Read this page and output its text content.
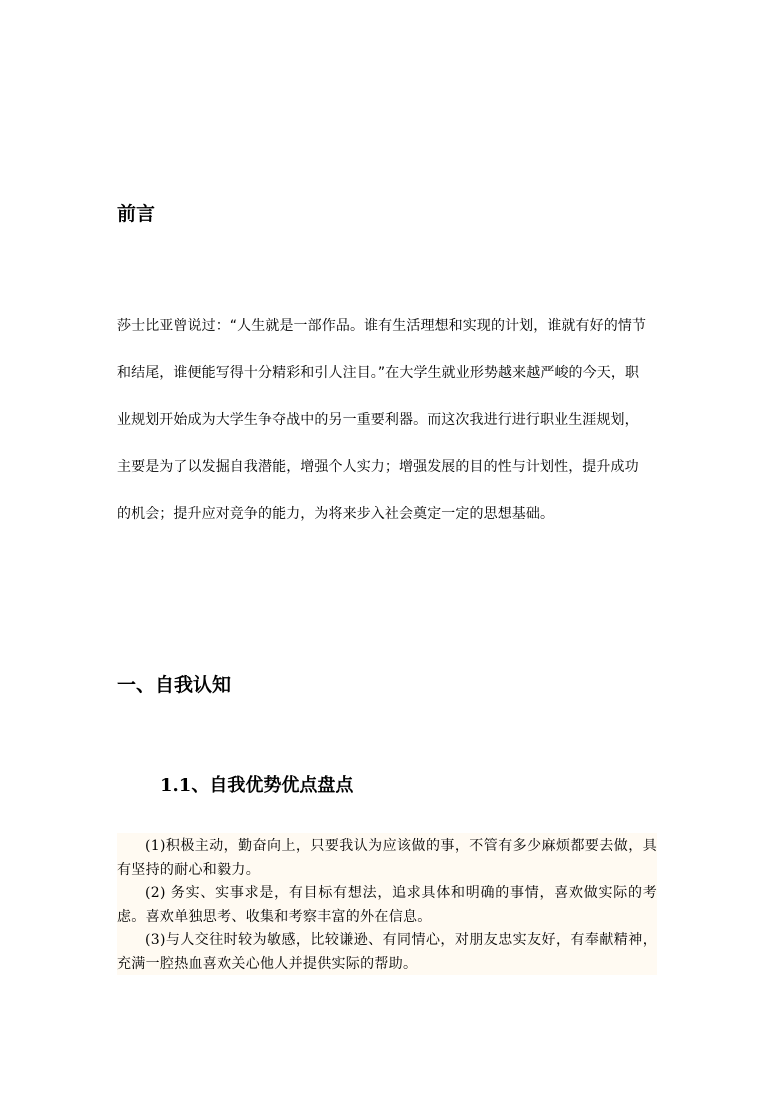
前言
莎士比亚曾说过：“人生就是一部作品。谁有生活理想和实现的计划，谁就有好的情节
和结尾，谁便能写得十分精彩和引人注目。”在大学生就业形势越来越严峻的今天，职
业规划开始成为大学生争夺战中的另一重要利器。而这次我进行进行职业生涯规划，
主要是为了以发掘自我潜能，增强个人实力；增强发展的目的性与计划性，提升成功
的机会；提升应对竞争的能力，为将来步入社会奠定一定的思想基础。
一、自我认知
1.1、自我优势优点盘点

(1)积极主动，勤奋向上，只要我认为应该做的事，不管有多少麻烦都要去做，具有坚持的耐心和毅力。

(2) 务实、实事求是，有目标有想法，追求具体和明确的事情，喜欢做实际的考虑。喜欢单独思考、收集和考察丰富的外在信息。

(3)与人交往时较为敏感，比较谦逊、有同情心，对朋友忠实友好，有奉献精神，充满一腔热血喜欢关心他人并提供实际的帮助。
